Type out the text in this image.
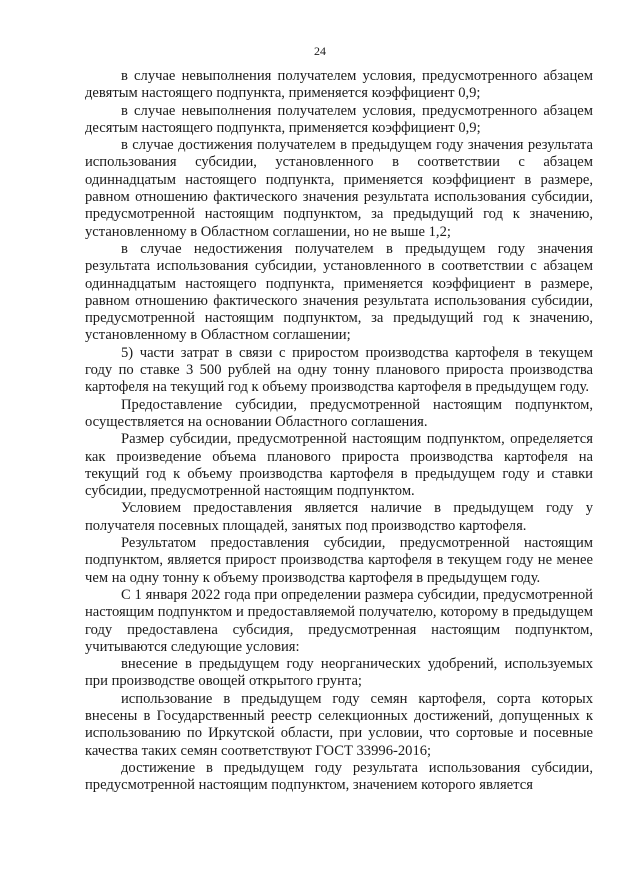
24

в случае невыполнения получателем условия, предусмотренного абзацем девятым настоящего подпункта, применяется коэффициент 0,9;

в случае невыполнения получателем условия, предусмотренного абзацем десятым настоящего подпункта, применяется коэффициент 0,9;

в случае достижения получателем в предыдущем году значения результата использования субсидии, установленного в соответствии с абзацем одиннадцатым настоящего подпункта, применяется коэффициент в размере, равном отношению фактического значения результата использования субсидии, предусмотренной настоящим подпунктом, за предыдущий год к значению, установленному в Областном соглашении, но не выше 1,2;

в случае недостижения получателем в предыдущем году значения результата использования субсидии, установленного в соответствии с абзацем одиннадцатым настоящего подпункта, применяется коэффициент в размере, равном отношению фактического значения результата использования субсидии, предусмотренной настоящим подпунктом, за предыдущий год к значению, установленному в Областном соглашении;

5) части затрат в связи с приростом производства картофеля в текущем году по ставке 3 500 рублей на одну тонну планового прироста производства картофеля на текущий год к объему производства картофеля в предыдущем году.

Предоставление субсидии, предусмотренной настоящим подпунктом, осуществляется на основании Областного соглашения.

Размер субсидии, предусмотренной настоящим подпунктом, определяется как произведение объема планового прироста производства картофеля на текущий год к объему производства картофеля в предыдущем году и ставки субсидии, предусмотренной настоящим подпунктом.

Условием предоставления является наличие в предыдущем году у получателя посевных площадей, занятых под производство картофеля.

Результатом предоставления субсидии, предусмотренной настоящим подпунктом, является прирост производства картофеля в текущем году не менее чем на одну тонну к объему производства картофеля в предыдущем году.

С 1 января 2022 года при определении размера субсидии, предусмотренной настоящим подпунктом и предоставляемой получателю, которому в предыдущем году предоставлена субсидия, предусмотренная настоящим подпунктом, учитываются следующие условия:

внесение в предыдущем году неорганических удобрений, используемых при производстве овощей открытого грунта;

использование в предыдущем году семян картофеля, сорта которых внесены в Государственный реестр селекционных достижений, допущенных к использованию по Иркутской области, при условии, что сортовые и посевные качества таких семян соответствуют ГОСТ 33996-2016;

достижение в предыдущем году результата использования субсидии, предусмотренной настоящим подпунктом, значением которого является
